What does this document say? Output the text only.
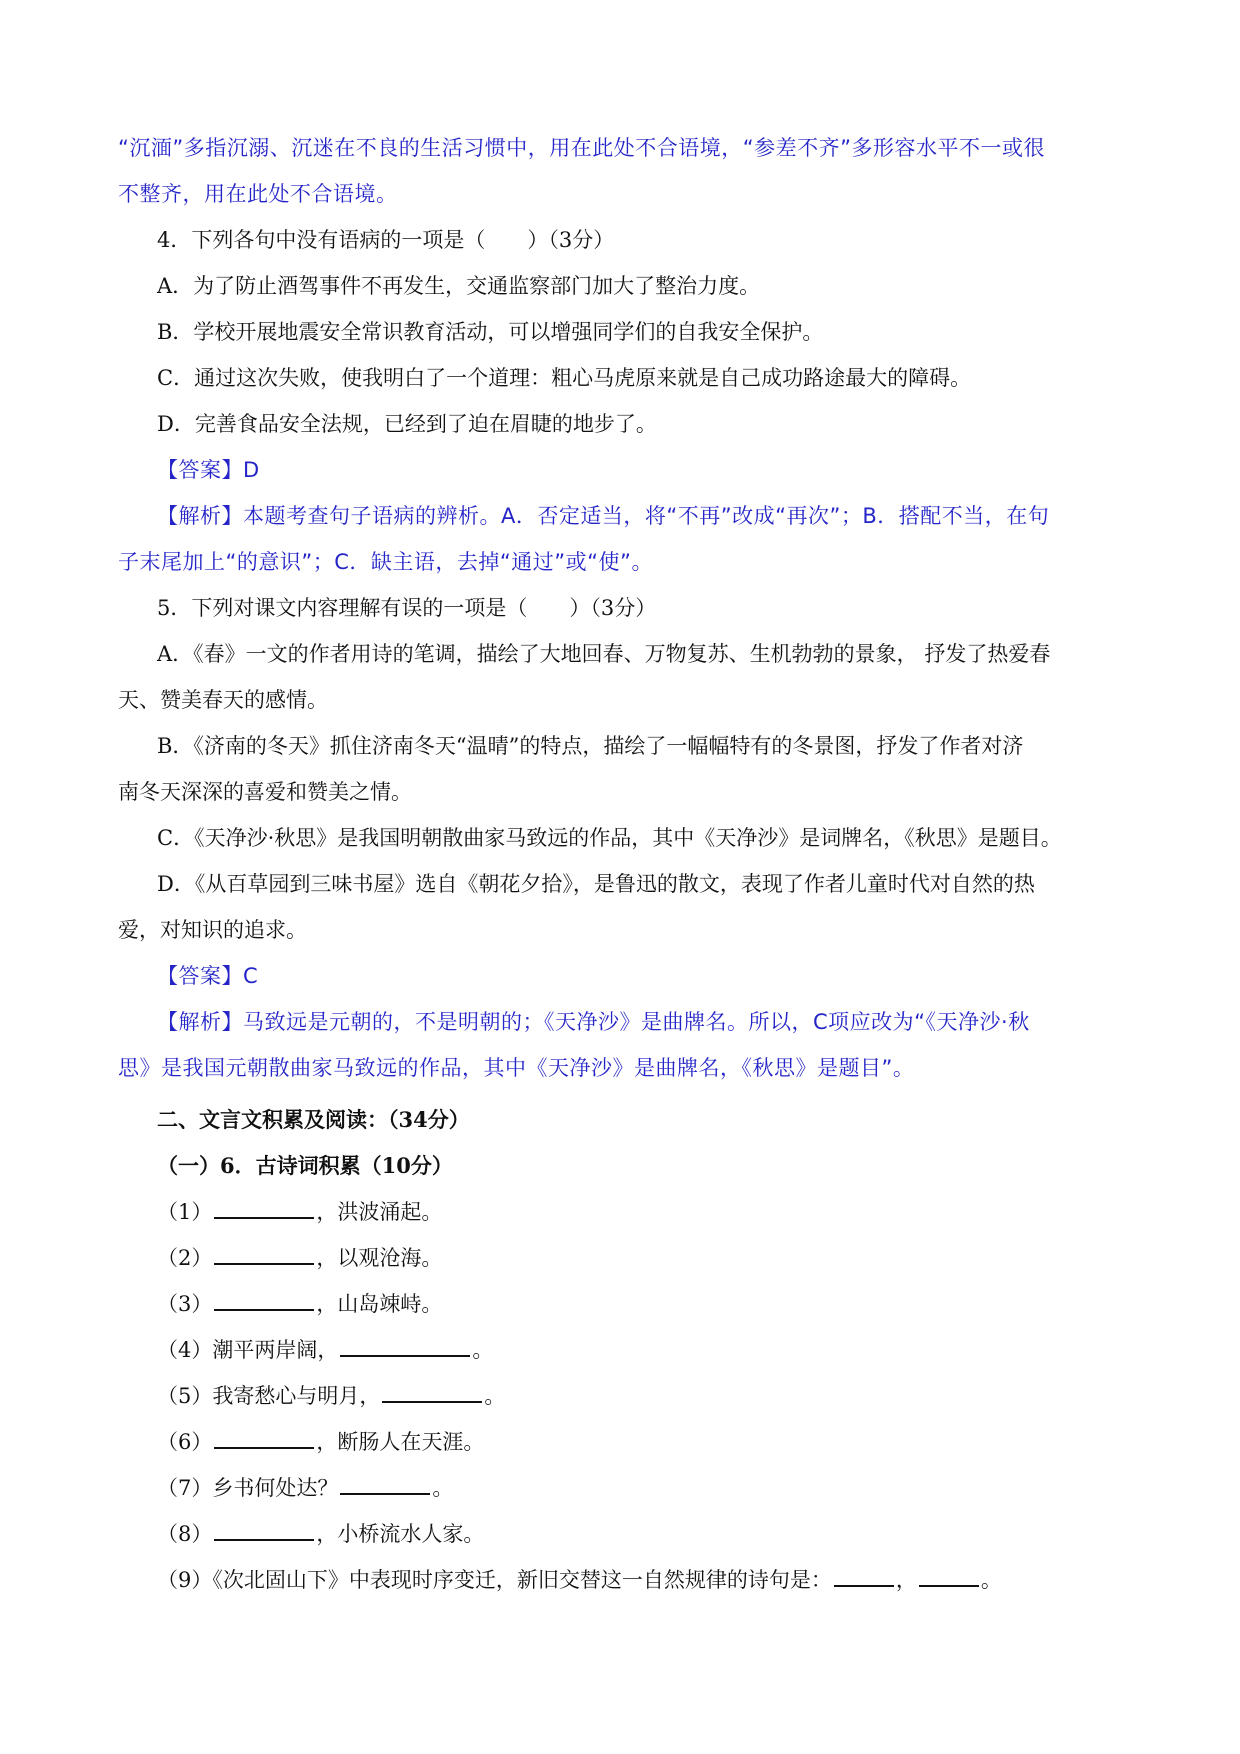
“沉湎”多指沉溺、沉迷在不良的生活习惯中，用在此处不合语境，“参差不齐”多形容水平不一或很
不整齐，用在此处不合语境。
4．下列各句中没有语病的一项是（　　）（3分）
A．为了防止酒驾事件不再发生，交通监察部门加大了整治力度。
B．学校开展地震安全常识教育活动，可以增强同学们的自我安全保护。
C．通过这次失败，使我明白了一个道理：粗心马虎原来就是自己成功路途最大的障碍。
D．完善食品安全法规，已经到了迫在眉睫的地步了。
【答案】D
【解析】本题考查句子语病的辨析。A．否定适当，将“不再”改成“再次”；B．搭配不当，在句
子末尾加上“的意识”；C．缺主语，去掉“通过”或“使”。
5．下列对课文内容理解有误的一项是（　　）（3分）
A．《春》一文的作者用诗的笔调，描绘了大地回春、万物复苏、生机勃勃的景象， 抒发了热爱春
天、赞美春天的感情。
B．《济南的冬天》抓住济南冬天“温晴”的特点，描绘了一幅幅特有的冬景图，抒发了作者对济
南冬天深深的喜爱和赞美之情。
C．《天净沙·秋思》是我国明朝散曲家马致远的作品，其中《天净沙》是词牌名，《秋思》是题目。
D．《从百草园到三味书屋》选自《朝花夕拾》，是鲁迅的散文，表现了作者儿童时代对自然的热
爱，对知识的追求。
【答案】C
【解析】马致远是元朝的，不是明朝的；《天净沙》是曲牌名。所以，C项应改为“《天净沙·秋
思》是我国元朝散曲家马致远的作品，其中《天净沙》是曲牌名，《秋思》是题目”。
二、文言文积累及阅读：（34分）
（一）6．古诗词积累（10分）
（1）	，洪波涌起。
（2）	，以观沧海。
（3）	，山岛竦峙。
（4）潮平两岸阔，	。
（5）我寄愁心与明月，	。
（6）	，断肠人在天涯。
（7）乡书何处达？	。
（8）	，小桥流水人家。
（9）《次北固山下》中表现时序变迁，新旧交替这一自然规律的诗句是：	，	。
